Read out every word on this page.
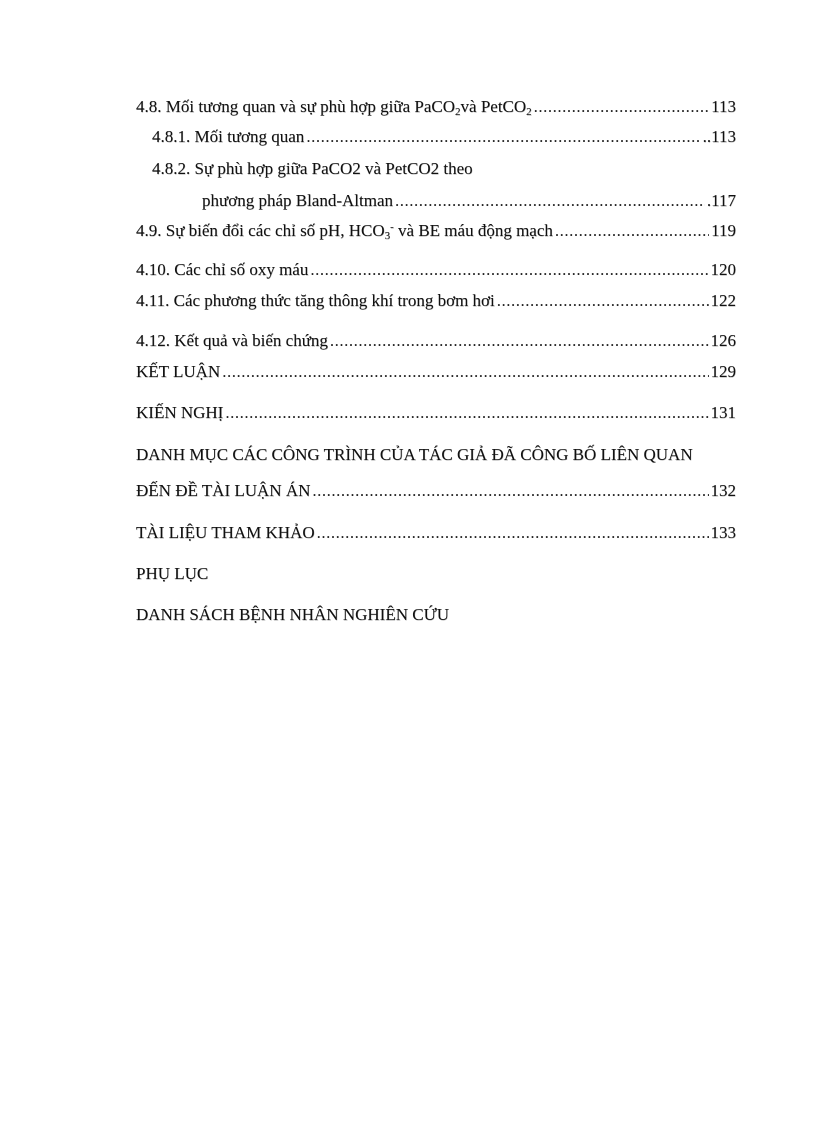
4.8. Mối tương quan và sự phù hợp giữa PaCO$_2$và PetCO$_2$ .....	113
4.8.1. Mối tương quan .....	..113
4.8.2. Sự phù hợp giữa PaCO2 và PetCO2 theo
phương pháp Bland-Altman .....	.117
4.9. Sự biến đổi các chỉ số pH, $HCO_3^-$ và BE máu động mạch .....	119
4.10. Các chỉ số oxy máu .....	120
4.11. Các phương thức tăng thông khí trong bơm hơi .....	122
4.12. Kết quả và biến chứng .....	126
KẾT LUẬN .....	129
KIẾN NGHỊ .....	131
DANH MỤC CÁC CÔNG TRÌNH CỦA TÁC GIẢ ĐÃ CÔNG BỐ LIÊN QUAN
ĐẾN ĐỀ TÀI LUẬN ÁN .....	132
TÀI LIỆU THAM KHẢO .....	133
PHỤ LỤC
DANH SÁCH BỆNH NHÂN NGHIÊN CỨU
